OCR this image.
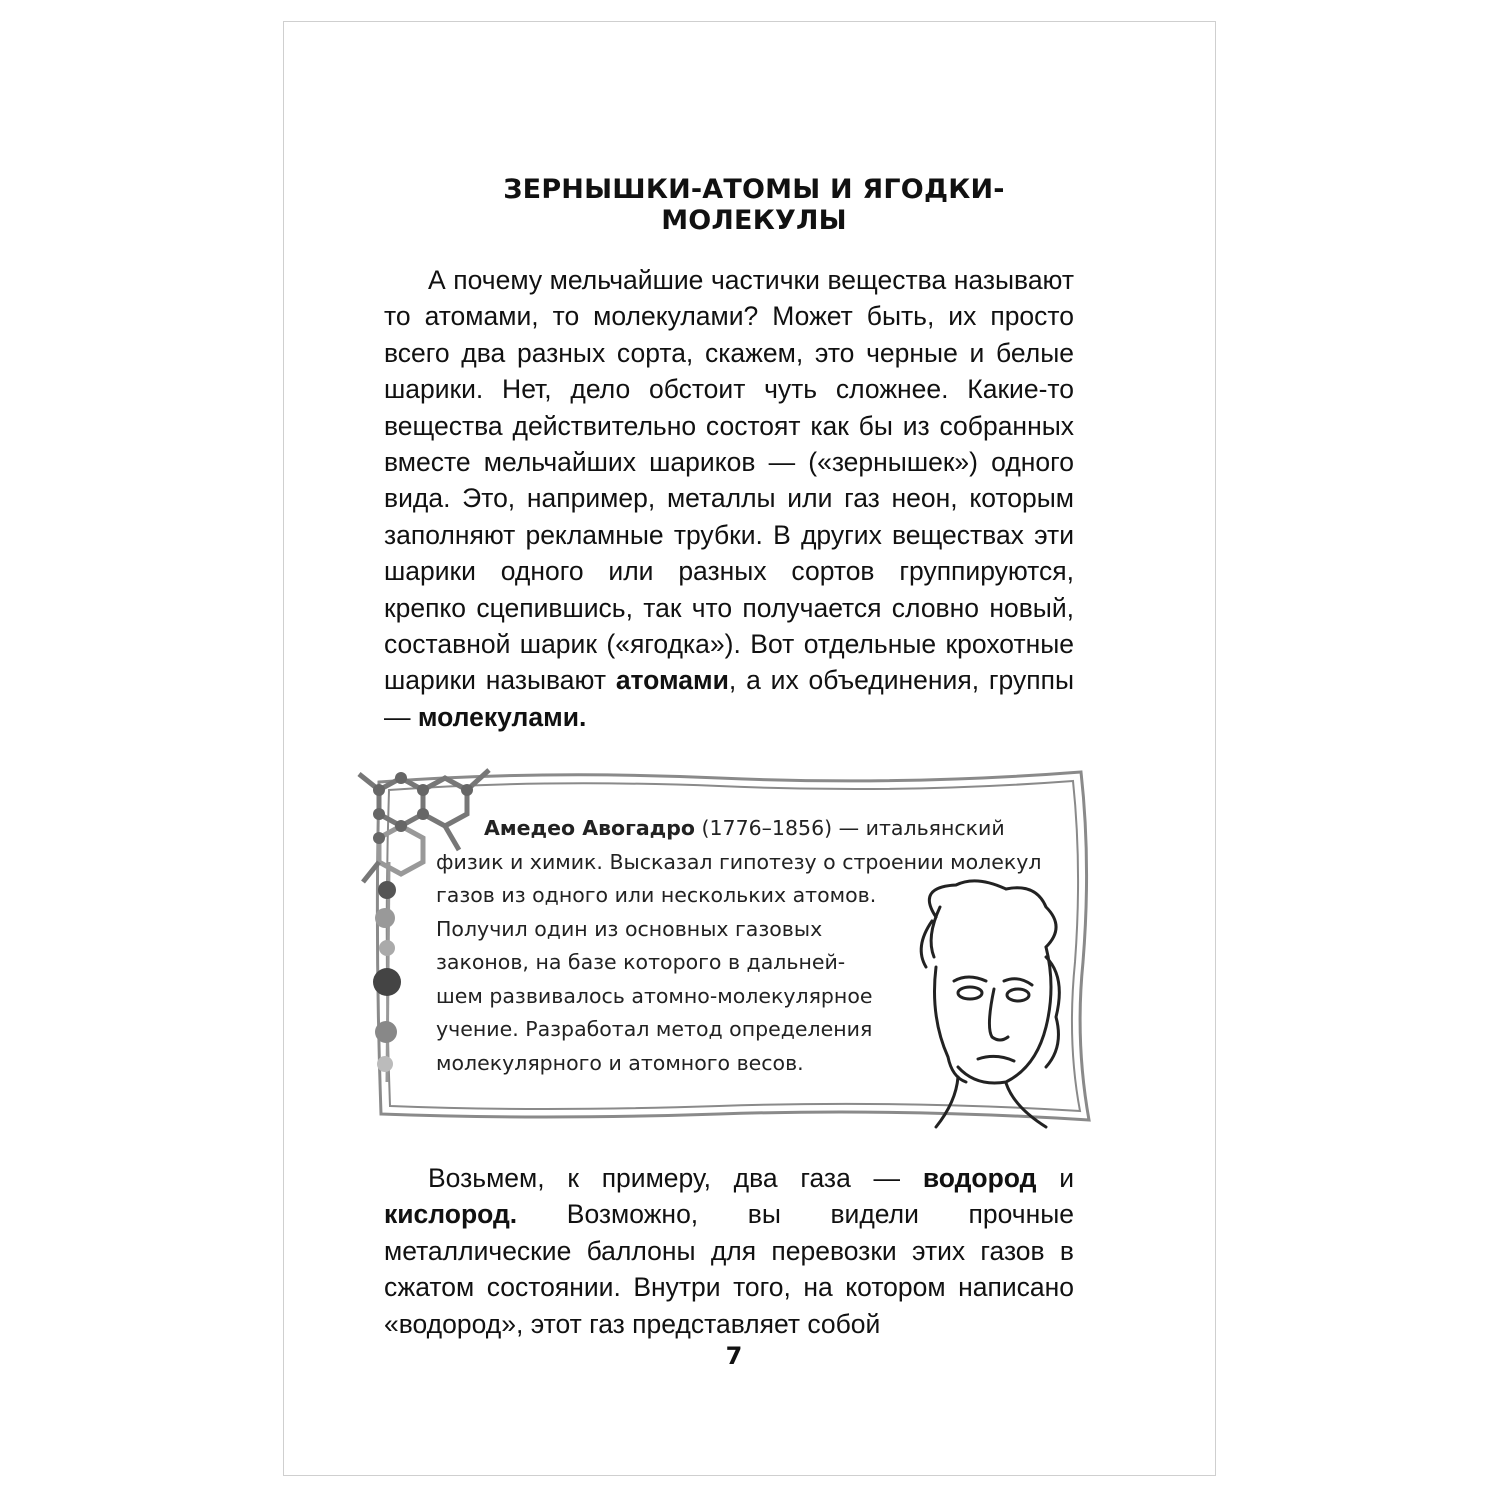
ЗЕРНЫШКИ-АТОМЫ И ЯГОДКИ-МОЛЕКУЛЫ

А почему мельчайшие частички вещества называют то атомами, то молекулами? Может быть, их просто всего два разных сорта, скажем, это черные и белые шарики. Нет, дело обстоит чуть сложнее. Какие-то вещества действительно состоят как бы из собранных вместе мельчайших шариков — («зернышек») одного вида. Это, например, металлы или газ неон, которым заполняют рекламные трубки. В других веществах эти шарики одного или разных сортов группируются, крепко сцепившись, так что получается словно новый, составной шарик («ягодка»). Вот отдельные крохотные шарики называют атомами, а их объединения, группы — молекулами.

Амедео Авогадро (1776–1856) — итальянский
физик и химик. Высказал гипотезу о строении молекул
газов из одного или нескольких атомов.
Получил один из основных газовых
законов, на базе которого в дальней-
шем развивалось атомно-молекулярное
учение. Разработал метод определения
молекулярного и атомного весов.

Возьмем, к примеру, два газа — водород и кислород. Возможно, вы видели прочные металлические баллоны для перевозки этих газов в сжатом состоянии. Внутри того, на котором написано «водород», этот газ представляет собой

7
